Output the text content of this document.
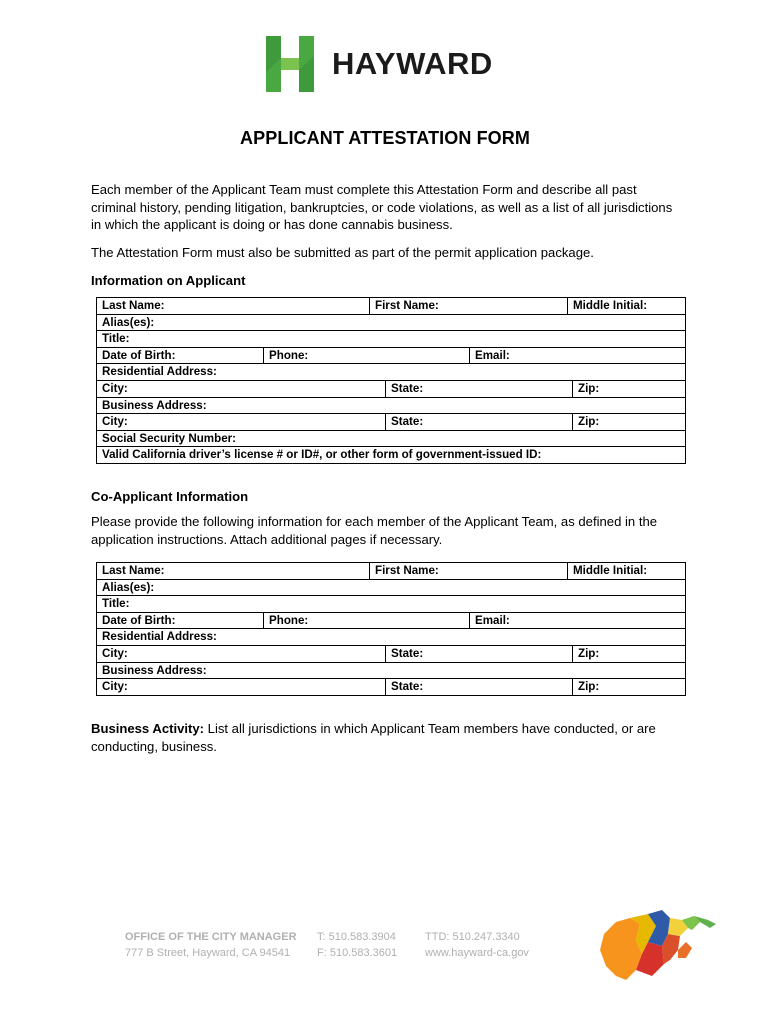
HAYWARD
APPLICANT ATTESTATION FORM

Each member of the Applicant Team must complete this Attestation Form and describe all past criminal history, pending litigation, bankruptcies, or code violations, as well as a list of all jurisdictions in which the applicant is doing or has done cannabis business.

The Attestation Form must also be submitted as part of the permit application package.

Information on Applicant
Last Name:	First Name:	Middle Initial:
Alias(es):
Title:
Date of Birth:	Phone:	Email:
Residential Address:
City:	State:	Zip:
Business Address:
City:	State:	Zip:
Social Security Number:
Valid California driver’s license # or ID#, or other form of government-issued ID:
Co-Applicant Information

Please provide the following information for each member of the Applicant Team, as defined in the application instructions. Attach additional pages if necessary.

Last Name:	First Name:	Middle Initial:
Alias(es):
Title:
Date of Birth:	Phone:	Email:
Residential Address:
City:	State:	Zip:
Business Address:
City:	State:	Zip:

Business Activity: List all jurisdictions in which Applicant Team members have conducted, or are conducting, business.

OFFICE OF THE CITY MANAGER
777 B Street, Hayward, CA 94541
T: 510.583.3904
F: 510.583.3601
TTD: 510.247.3340
www.hayward-ca.gov
